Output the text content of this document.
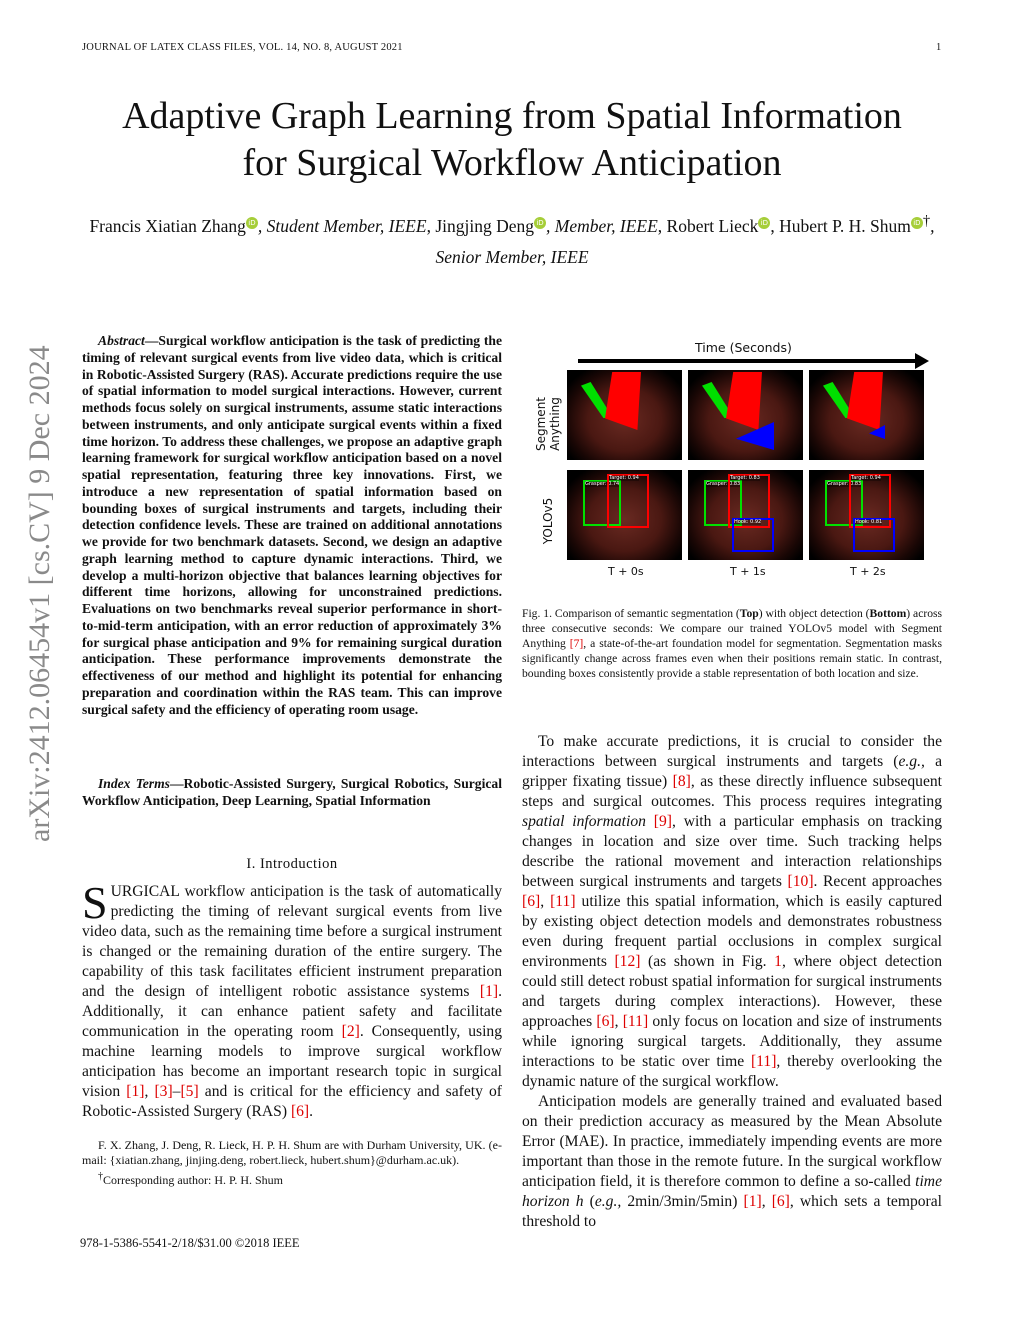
JOURNAL OF LATEX CLASS FILES, VOL. 14, NO. 8, AUGUST 2021	1
arXiv:2412.06454v1 [cs.CV] 9 Dec 2024
Adaptive Graph Learning from Spatial Information
for Surgical Workflow Anticipation
Francis Xiatian Zhang iD , Student Member, IEEE, Jingjing Deng iD , Member, IEEE, Robert Lieck iD , Hubert P. H. Shum iD †, Senior Member, IEEE
Abstract—Surgical workflow anticipation is the task of predicting the timing of relevant surgical events from live video data, which is critical in Robotic-Assisted Surgery (RAS). Accurate predictions require the use of spatial information to model surgical interactions. However, current methods focus solely on surgical instruments, assume static interactions between instruments, and only anticipate surgical events within a fixed time horizon. To address these challenges, we propose an adaptive graph learning framework for surgical workflow anticipation based on a novel spatial representation, featuring three key innovations. First, we introduce a new representation of spatial information based on bounding boxes of surgical instruments and targets, including their detection confidence levels. These are trained on additional annotations we provide for two benchmark datasets. Second, we design an adaptive graph learning method to capture dynamic interactions. Third, we develop a multi-horizon objective that balances learning objectives for different time horizons, allowing for unconstrained predictions. Evaluations on two benchmarks reveal superior performance in short-to-mid-term anticipation, with an error reduction of approximately 3% for surgical phase anticipation and 9% for remaining surgical duration anticipation. These performance improvements demonstrate the effectiveness of our method and highlight its potential for enhancing preparation and coordination within the RAS team. This can improve surgical safety and the efficiency of operating room usage.
Index Terms—Robotic-Assisted Surgery, Surgical Robotics, Surgical Workflow Anticipation, Deep Learning, Spatial Information
I. Introduction
SURGICAL workflow anticipation is the task of automatically predicting the timing of relevant surgical events from live video data, such as the remaining time before a surgical instrument is changed or the remaining duration of the entire surgery. The capability of this task facilitates efficient instrument preparation and the design of intelligent robotic assistance systems [1]. Additionally, it can enhance patient safety and facilitate communication in the operating room [2]. Consequently, using machine learning models to improve surgical workflow anticipation has become an important research topic in surgical vision [1], [3]–[5] and is critical for the efficiency and safety of Robotic-Assisted Surgery (RAS) [6].
F. X. Zhang, J. Deng, R. Lieck, H. P. H. Shum are with Durham University, UK. (e-mail: {xiatian.zhang, jinjing.deng, robert.lieck, hubert.shum}@durham.ac.uk).
†Corresponding author: H. P. H. Shum
978-1-5386-5541-2/18/$31.00 ©2018 IEEE
Time (Seconds)
Segment Anything
YOLOv5
Grasper: 0.74
Target: 0.94
Grasper: 0.83
Target: 0.83
Hook: 0.92
Grasper: 0.83
Target: 0.94
Hook: 0.81
T + 0s	T + 1s	T + 2s
Fig. 1. Comparison of semantic segmentation (Top) with object detection (Bottom) across three consecutive seconds: We compare our trained YOLOv5 model with Segment Anything [7], a state-of-the-art foundation model for segmentation. Segmentation masks significantly change across frames even when their positions remain static. In contrast, bounding boxes consistently provide a stable representation of both location and size.

To make accurate predictions, it is crucial to consider the interactions between surgical instruments and targets (e.g., a gripper fixating tissue) [8], as these directly influence subsequent steps and surgical outcomes. This process requires integrating spatial information [9], with a particular emphasis on tracking changes in location and size over time. Such tracking helps describe the rational movement and interaction relationships between surgical instruments and targets [10]. Recent approaches [6], [11] utilize this spatial information, which is easily captured by existing object detection models and demonstrates robustness even during frequent partial occlusions in complex surgical environments [12] (as shown in Fig. 1, where object detection could still detect robust spatial information for surgical instruments and targets during complex interactions). However, these approaches [6], [11] only focus on location and size of instruments while ignoring surgical targets. Additionally, they assume interactions to be static over time [11], thereby overlooking the dynamic nature of the surgical workflow.

Anticipation models are generally trained and evaluated based on their prediction accuracy as measured by the Mean Absolute Error (MAE). In practice, immediately impending events are more important than those in the remote future. In the surgical workflow anticipation field, it is therefore common to define a so-called time horizon h (e.g., 2min/3min/5min) [1], [6], which sets a temporal threshold to
